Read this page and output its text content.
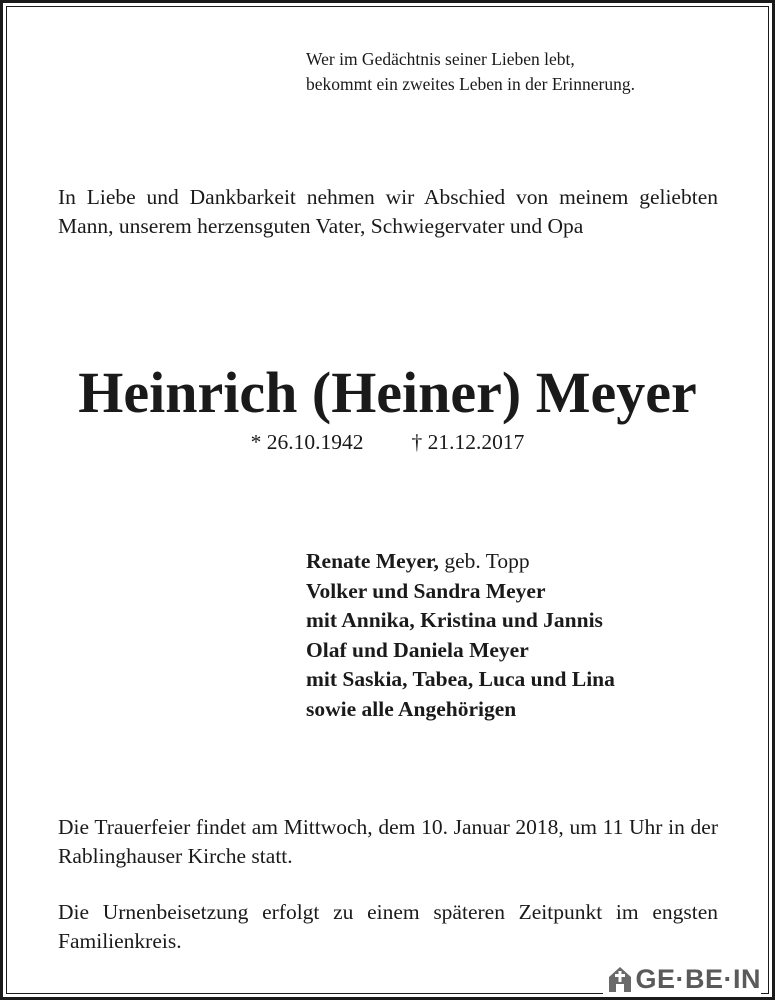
Wer im Gedächtnis seiner Lieben lebt,
bekommt ein zweites Leben in der Erinnerung.
In Liebe und Dankbarkeit nehmen wir Abschied von meinem geliebten Mann, unserem herzensguten Vater, Schwiegervater und Opa
Heinrich (Heiner) Meyer
* 26.10.1942 † 21.12.2017
Renate Meyer, geb. Topp
Volker und Sandra Meyer
mit Annika, Kristina und Jannis
Olaf und Daniela Meyer
mit Saskia, Tabea, Luca und Lina
sowie alle Angehörigen
Die Trauerfeier findet am Mittwoch, dem 10. Januar 2018, um 11 Uhr in der Rablinghauser Kirche statt.
Die Urnenbeisetzung erfolgt zu einem späteren Zeitpunkt im engsten Familienkreis.
GE·BE·IN
